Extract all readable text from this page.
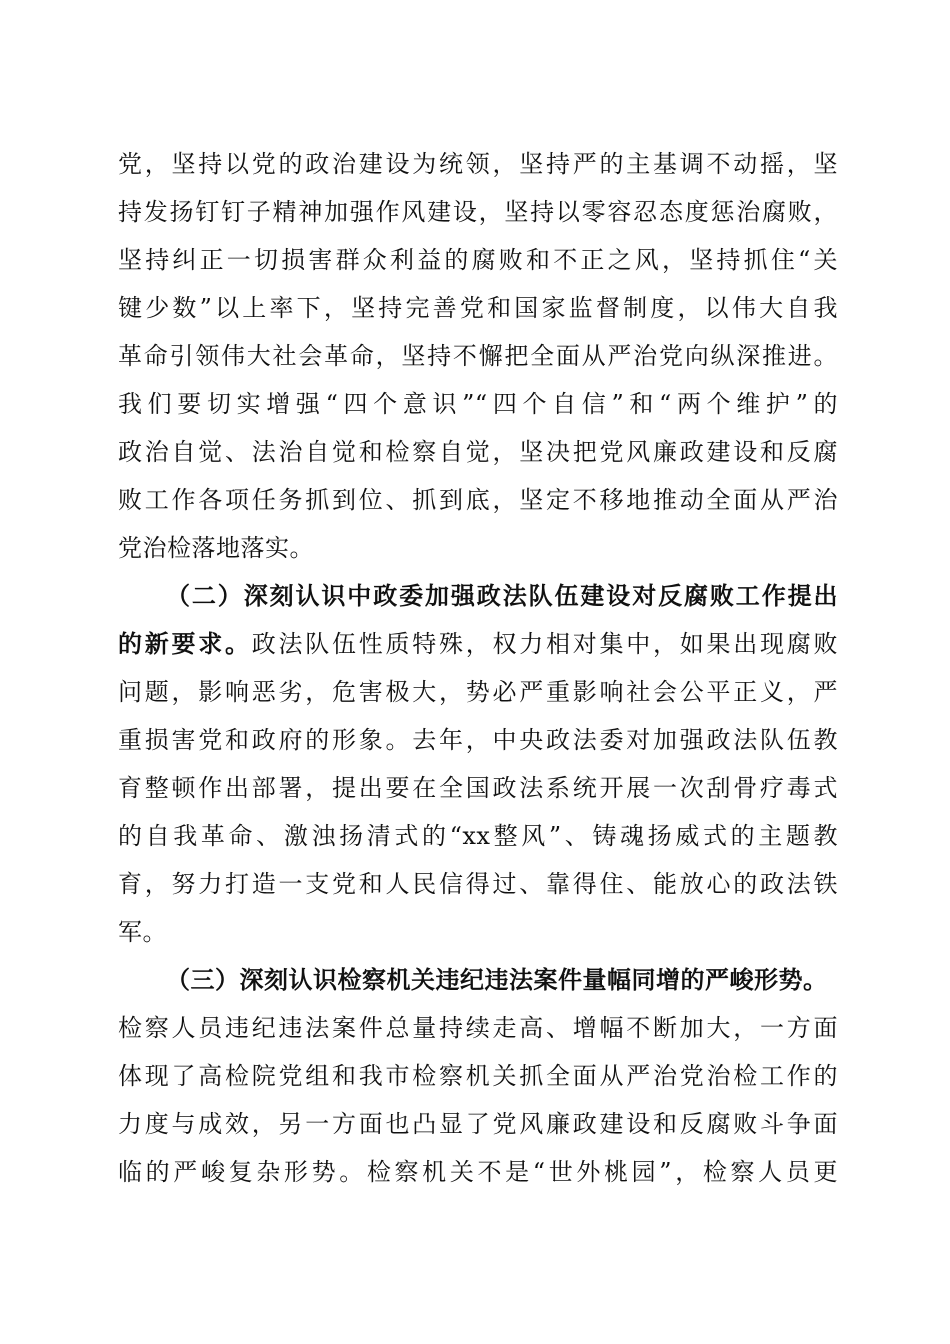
党，坚持以党的政治建设为统领，坚持严的主基调不动摇，坚
持发扬钉钉子精神加强作风建设，坚持以零容忍态度惩治腐败，
坚持纠正一切损害群众利益的腐败和不正之风，坚持抓住“关
键少数”以上率下，坚持完善党和国家监督制度，以伟大自我
革命引领伟大社会革命，坚持不懈把全面从严治党向纵深推进。
我们要切实增强“四个意识”“四个自信”和“两个维护”的
政治自觉、法治自觉和检察自觉，坚决把党风廉政建设和反腐
败工作各项任务抓到位、抓到底，坚定不移地推动全面从严治
党治检落地落实。
（二）深刻认识中政委加强政法队伍建设对反腐败工作提出
的新要求。政法队伍性质特殊，权力相对集中，如果出现腐败
问题，影响恶劣，危害极大，势必严重影响社会公平正义，严
重损害党和政府的形象。去年，中央政法委对加强政法队伍教
育整顿作出部署，提出要在全国政法系统开展一次刮骨疗毒式
的自我革命、激浊扬清式的“xx整风”、铸魂扬威式的主题教
育，努力打造一支党和人民信得过、靠得住、能放心的政法铁
军。
（三）深刻认识检察机关违纪违法案件量幅同增的严峻形势。
检察人员违纪违法案件总量持续走高、增幅不断加大，一方面
体现了高检院党组和我市检察机关抓全面从严治党治检工作的
力度与成效，另一方面也凸显了党风廉政建设和反腐败斗争面
临的严峻复杂形势。检察机关不是“世外桃园”，检察人员更
